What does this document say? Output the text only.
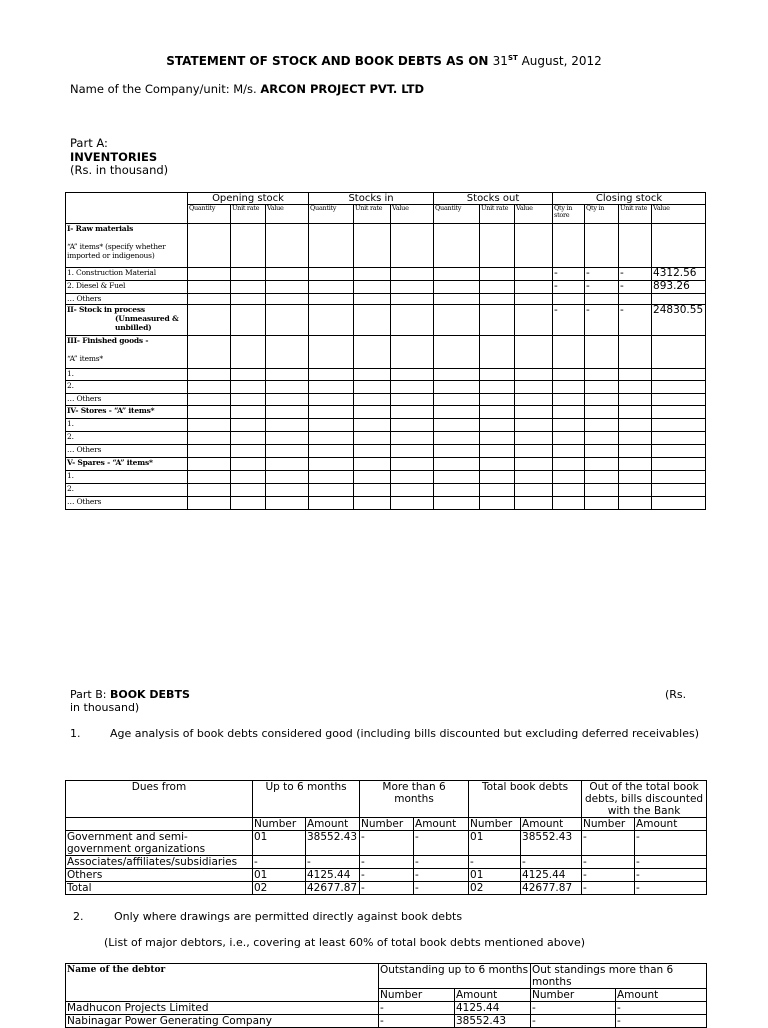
STATEMENT OF STOCK AND BOOK DEBTS AS ON 31ST August, 2012
Name of the Company/unit: M/s. ARCON PROJECT PVT. LTD
Part A:
INVENTORIES
(Rs. in thousand)
	Opening stock			Stocks in			Stocks out			Closing stock			
	Quantity	Unit rate	Value	Quantity	Unit rate	Value	Quantity	Unit rate	Value	Qty in store	Qty in	Unit rate	Value
I- Raw materials

“A” items* (specify whether imported or indigenous)													
1. Construction Material										-	-	-	4312.56
2. Diesel & Fuel										-	-	-	893.26
… Others													
II- Stock in process

(Unmeasured & unbilled)										-	-	-	24830.55
III- Finished goods -

“A” items*													
1.													
2.													
… Others													
IV- Stores - “A” items*													
1.													
2.													
… Others													
V- Spares - “A” items*													
1.													
2.													
… Others													
Part B: BOOK DEBTS
in thousand)
(Rs.
1.	Age analysis of book debts considered good (including bills discounted but excluding deferred receivables)
Dues from	Up to 6 months		More than 6 months		Total book debts		Out of the total book debts, bills discounted with the Bank	
	Number	Amount	Number	Amount	Number	Amount	Number	Amount
Government and semi-government organizations	01	38552.43	-	-	01	38552.43	-	-
Associates/affiliates/subsidiaries	-	-	-	-	-	-	-	-
Others	01	4125.44	-	-	01	4125.44	-	-
Total	02	42677.87	-	-	02	42677.87	-	-
2.	Only where drawings are permitted directly against book debts
(List of major debtors, i.e., covering at least 60% of total book debts mentioned above)
Name of the debtor	Outstanding up to 6 months		Out standings more than 6 months	
	Number	Amount	Number	Amount
Madhucon Projects Limited	-	4125.44	-	-
Nabinagar Power Generating Company	-	38552.43	-	-
